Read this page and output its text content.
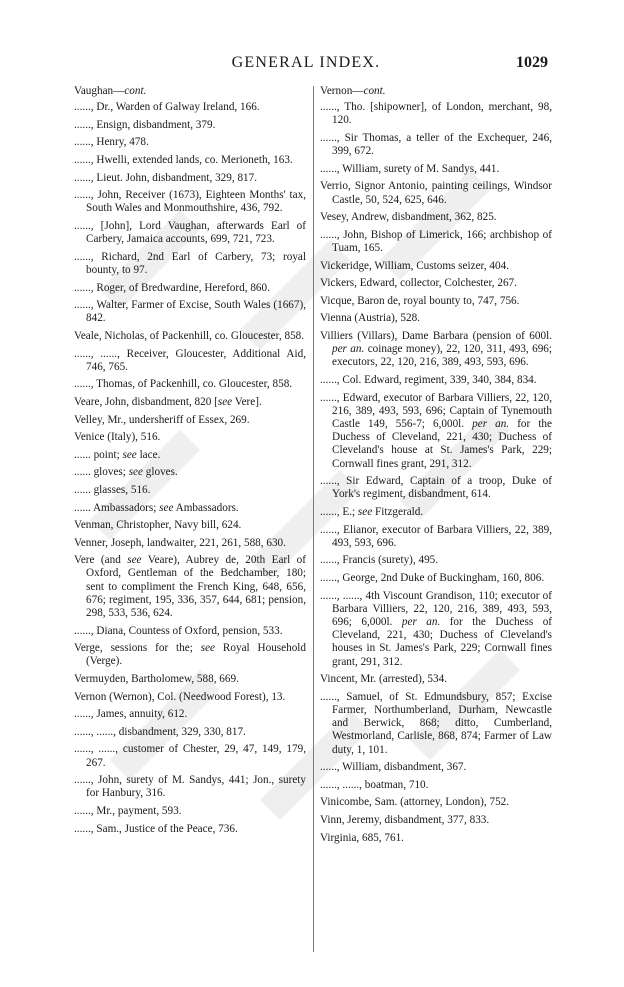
GENERAL INDEX.	1029
Vaughan—cont.
......, Dr., Warden of Galway Ireland, 166.
......, Ensign, disbandment, 379.
......, Henry, 478.
......, Hwelli, extended lands, co. Merioneth, 163.
......, Lieut. John, disbandment, 329, 817.
......, John, Receiver (1673), Eighteen Months' tax, South Wales and Monmouthshire, 436, 792.
......, [John], Lord Vaughan, afterwards Earl of Carbery, Jamaica accounts, 699, 721, 723.
......, Richard, 2nd Earl of Carbery, 73; royal bounty, to 97.
......, Roger, of Bredwardine, Hereford, 860.
......, Walter, Farmer of Excise, South Wales (1667), 842.
Veale, Nicholas, of Packenhill, co. Gloucester, 858.
......, ......, Receiver, Gloucester, Additional Aid, 746, 765.
......, Thomas, of Packenhill, co. Gloucester, 858.
Veare, John, disbandment, 820 [see Vere].
Velley, Mr., undersheriff of Essex, 269.
Venice (Italy), 516.
...... point; see lace.
...... gloves; see gloves.
...... glasses, 516.
...... Ambassadors; see Ambassadors.
Venman, Christopher, Navy bill, 624.
Venner, Joseph, landwaiter, 221, 261, 588, 630.
Vere (and see Veare), Aubrey de, 20th Earl of Oxford, Gentleman of the Bedchamber, 180; sent to compliment the French King, 648, 656, 676; regiment, 195, 336, 357, 644, 681; pension, 298, 533, 536, 624.
......, Diana, Countess of Oxford, pension, 533.
Verge, sessions for the; see Royal Household (Verge).
Vermuyden, Bartholomew, 588, 669.
Vernon (Wernon), Col. (Needwood Forest), 13.
......, James, annuity, 612.
......, ......, disbandment, 329, 330, 817.
......, ......, customer of Chester, 29, 47, 149, 179, 267.
......, John, surety of M. Sandys, 441; Jon., surety for Hanbury, 316.
......, Mr., payment, 593.
......, Sam., Justice of the Peace, 736.
Vernon—cont.
......, Tho. [shipowner], of London, merchant, 98, 120.
......, Sir Thomas, a teller of the Exchequer, 246, 399, 672.
......, William, surety of M. Sandys, 441.
Verrio, Signor Antonio, painting ceilings, Windsor Castle, 50, 524, 625, 646.
Vesey, Andrew, disbandment, 362, 825.
......, John, Bishop of Limerick, 166; archbishop of Tuam, 165.
Vickeridge, William, Customs seizer, 404.
Vickers, Edward, collector, Colchester, 267.
Vicque, Baron de, royal bounty to, 747, 756.
Vienna (Austria), 528.
Villiers (Villars), Dame Barbara (pension of 600l. per an. coinage money), 22, 120, 311, 493, 696; executors, 22, 120, 216, 389, 493, 593, 696.
......, Col. Edward, regiment, 339, 340, 384, 834.
......, Edward, executor of Barbara Villiers, 22, 120, 216, 389, 493, 593, 696; Captain of Tynemouth Castle 149, 556-7; 6,000l. per an. for the Duchess of Cleveland, 221, 430; Duchess of Cleveland's house at St. James's Park, 229; Cornwall fines grant, 291, 312.
......, Sir Edward, Captain of a troop, Duke of York's regiment, disbandment, 614.
......, E.; see Fitzgerald.
......, Elianor, executor of Barbara Villiers, 22, 389, 493, 593, 696.
......, Francis (surety), 495.
......, George, 2nd Duke of Buckingham, 160, 806.
......, ......, 4th Viscount Grandison, 110; executor of Barbara Villiers, 22, 120, 216, 389, 493, 593, 696; 6,000l. per an. for the Duchess of Cleveland, 221, 430; Duchess of Cleveland's houses in St. James's Park, 229; Cornwall fines grant, 291, 312.
Vincent, Mr. (arrested), 534.
......, Samuel, of St. Edmundsbury, 857; Excise Farmer, Northumberland, Durham, Newcastle and Berwick, 868; ditto, Cumberland, Westmorland, Carlisle, 868, 874; Farmer of Law duty, 1, 101.
......, William, disbandment, 367.
......, ......, boatman, 710.
Vinicombe, Sam. (attorney, London), 752.
Vinn, Jeremy, disbandment, 377, 833.
Virginia, 685, 761.
